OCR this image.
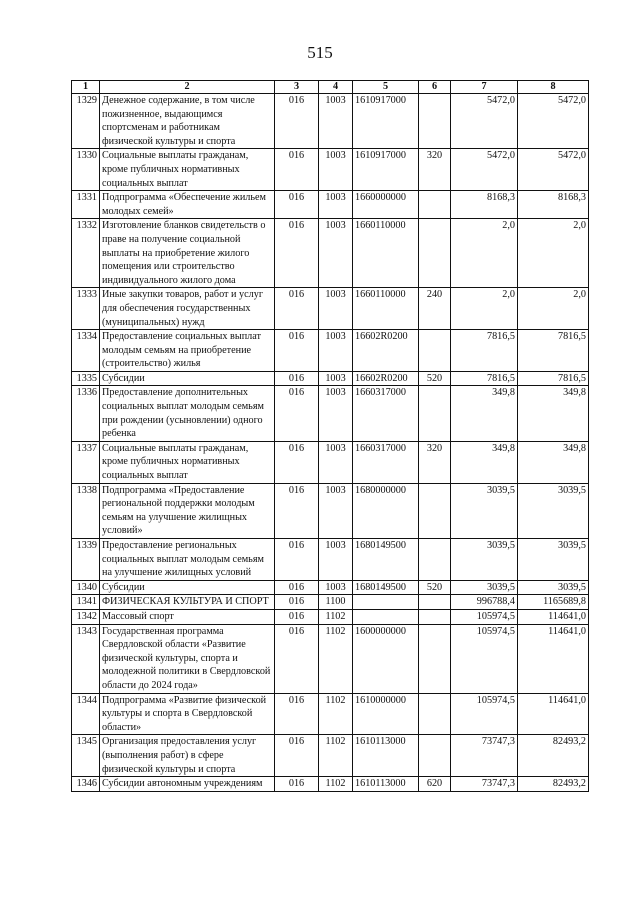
515
1	2	3	4	5	6	7	8
1329	Денежное содержание, в том числе пожизненное, выдающимся спортсменам и работникам физической культуры и спорта	016	1003	1610917000		5472,0	5472,0
1330	Социальные выплаты гражданам, кроме публичных нормативных социальных выплат	016	1003	1610917000	320	5472,0	5472,0
1331	Подпрограмма «Обеспечение жильем молодых семей»	016	1003	1660000000		8168,3	8168,3
1332	Изготовление бланков свидетельств о праве на получение социальной выплаты на приобретение жилого помещения или строительство индивидуального жилого дома	016	1003	1660110000		2,0	2,0
1333	Иные закупки товаров, работ и услуг для обеспечения государственных (муниципальных) нужд	016	1003	1660110000	240	2,0	2,0
1334	Предоставление социальных выплат молодым семьям на приобретение (строительство) жилья	016	1003	16602R0200		7816,5	7816,5
1335	Субсидии	016	1003	16602R0200	520	7816,5	7816,5
1336	Предоставление дополнительных социальных выплат молодым семьям при рождении (усыновлении) одного ребенка	016	1003	1660317000		349,8	349,8
1337	Социальные выплаты гражданам, кроме публичных нормативных социальных выплат	016	1003	1660317000	320	349,8	349,8
1338	Подпрограмма «Предоставление региональной поддержки молодым семьям на улучшение жилищных условий»	016	1003	1680000000		3039,5	3039,5
1339	Предоставление региональных социальных выплат молодым семьям на улучшение жилищных условий	016	1003	1680149500		3039,5	3039,5
1340	Субсидии	016	1003	1680149500	520	3039,5	3039,5
1341	ФИЗИЧЕСКАЯ КУЛЬТУРА И СПОРТ	016	1100			996788,4	1165689,8
1342	Массовый спорт	016	1102			105974,5	114641,0
1343	Государственная программа Свердловской области «Развитие физической культуры, спорта и молодежной политики в Свердловской области до 2024 года»	016	1102	1600000000		105974,5	114641,0
1344	Подпрограмма «Развитие физической культуры и спорта в Свердловской области»	016	1102	1610000000		105974,5	114641,0
1345	Организация предоставления услуг (выполнения работ) в сфере физической культуры и спорта	016	1102	1610113000		73747,3	82493,2
1346	Субсидии автономным учреждениям	016	1102	1610113000	620	73747,3	82493,2
